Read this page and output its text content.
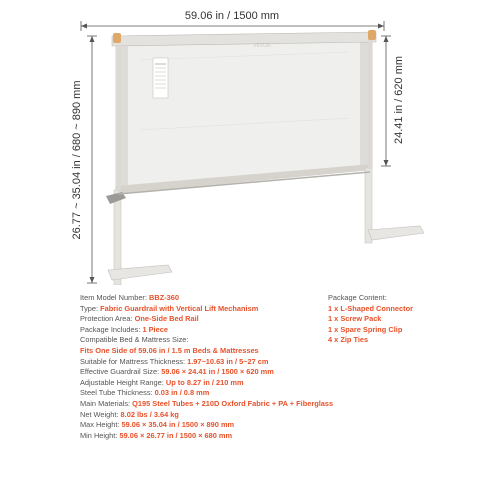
59.06 in / 1500 mm
26.77 ~ 35.04 in / 680 ~ 890 mm	24.41 in / 620 mm
VEVOR
Item Model Number: BBZ-360
Type: Fabric Guardrail with Vertical Lift Mechanism
Protection Area: One-Side Bed Rail
Package Includes: 1 Piece
Compatible Bed & Mattress Size:
Fits One Side of 59.06 in / 1.5 m Beds & Mattresses
Suitable for Mattress Thickness: 1.97~10.63 in / 5~27 cm
Effective Guardrail Size: 59.06 × 24.41 in / 1500 × 620 mm
Adjustable Height Range: Up to 8.27 in / 210 mm
Steel Tube Thickness: 0.03 in / 0.8 mm
Main Materials: Q195 Steel Tubes + 210D Oxford Fabric + PA + Fiberglass
Net Weight: 8.02 lbs / 3.64 kg
Max Height: 59.06 × 35.04 in / 1500 × 890 mm
Min Height: 59.06 × 26.77 in / 1500 × 680 mm
Package Content:
1 x L-Shaped Connector
1 x Screw Pack
1 x Spare Spring Clip
4 x Zip Ties
